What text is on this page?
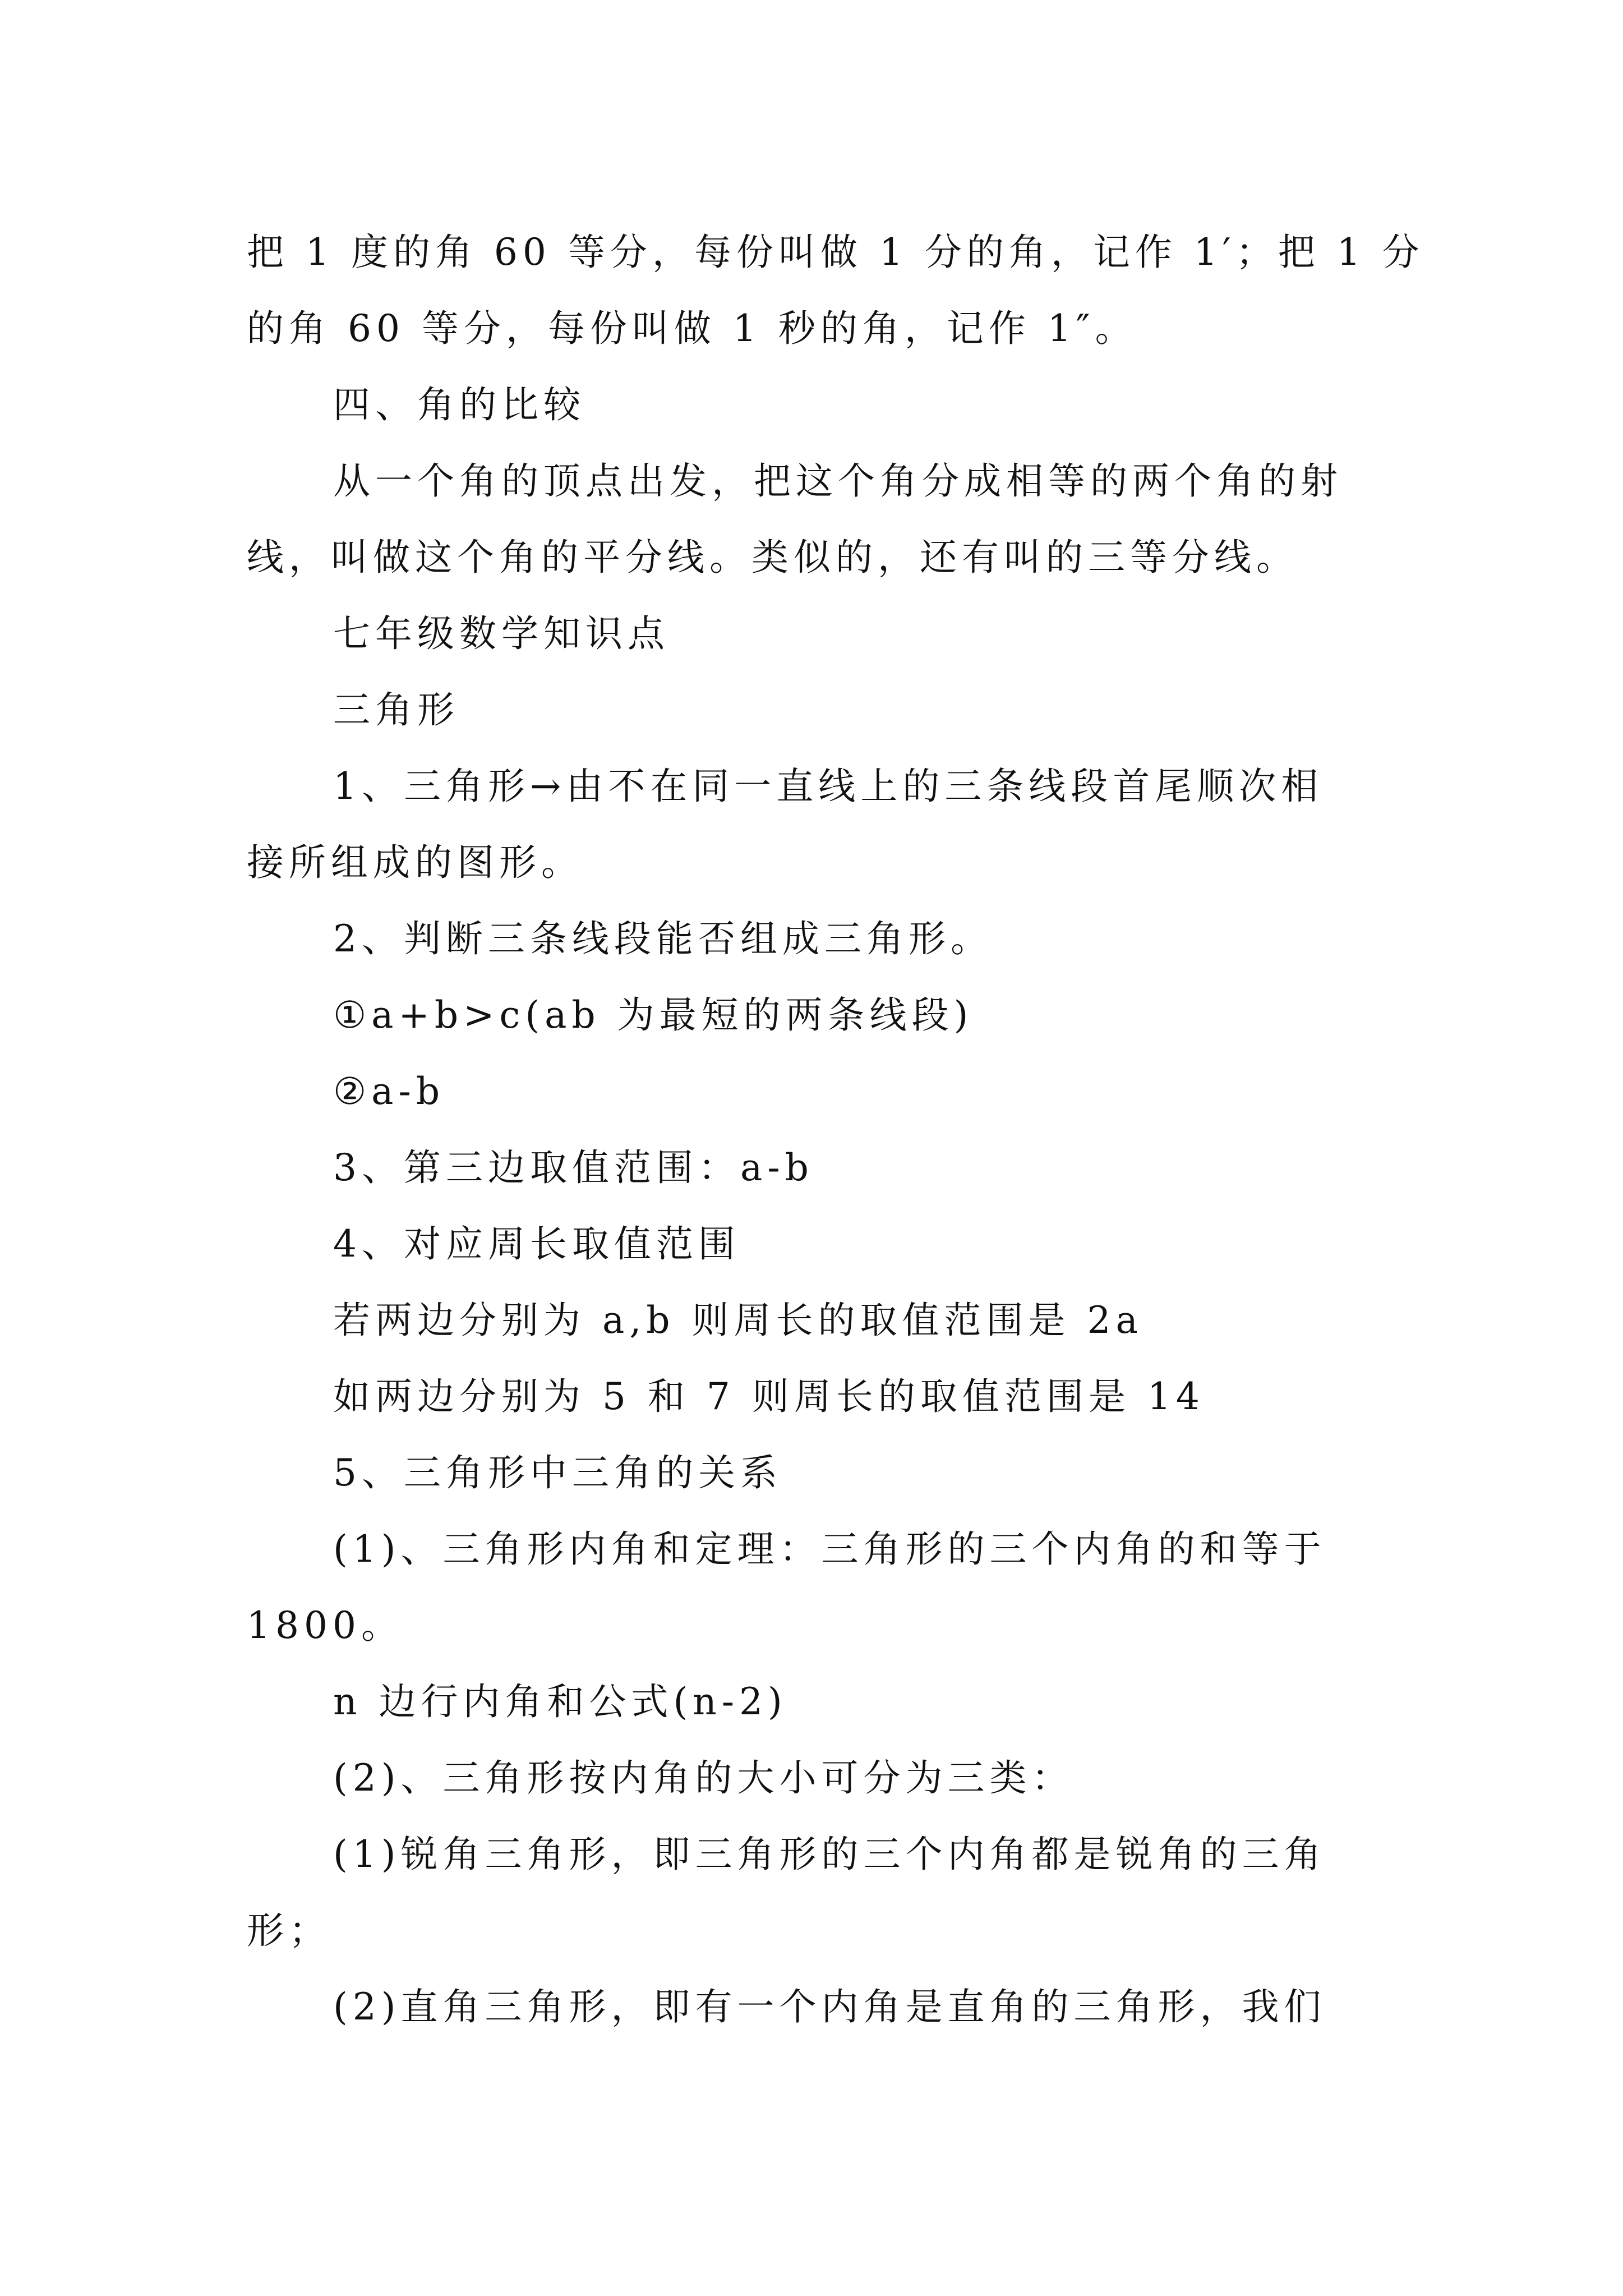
把 1 度的角 60 等分，每份叫做 1 分的角，记作 1′；把 1 分

的角 60 等分，每份叫做 1 秒的角，记作 1″。

四、角的比较

从一个角的顶点出发，把这个角分成相等的两个角的射

线，叫做这个角的平分线。类似的，还有叫的三等分线。

七年级数学知识点

三角形

1、三角形→由不在同一直线上的三条线段首尾顺次相

接所组成的图形。

2、判断三条线段能否组成三角形。

①a+b>c(ab 为最短的两条线段)

②a-b

3、第三边取值范围：a-b

4、对应周长取值范围

若两边分别为 a,b 则周长的取值范围是 2a

如两边分别为 5 和 7 则周长的取值范围是 14

5、三角形中三角的关系

(1)、三角形内角和定理：三角形的三个内角的和等于

1800。

n 边行内角和公式(n-2)

(2)、三角形按内角的大小可分为三类：

(1)锐角三角形，即三角形的三个内角都是锐角的三角

形；

(2)直角三角形，即有一个内角是直角的三角形，我们
